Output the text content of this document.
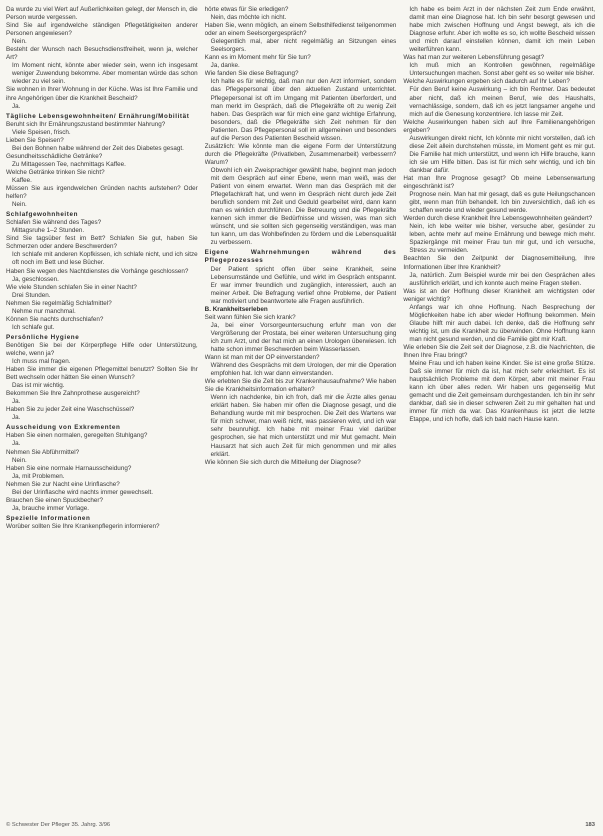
Da wurde zu viel Wert auf Äußerlichkeiten gelegt, der Mensch in, die Person wurde vergessen.

Sind Sie auf irgendwelche ständigen Pflegetätigkeiten anderer Personen angewiesen?

Nein.

Besteht der Wunsch nach Besuchsdienstfreiheit, wenn ja, welcher Art?

Im Moment nicht, könnte aber wieder sein, wenn ich insgesamt weniger Zuwendung bekomme. Aber momentan würde das schon wieder zu viel sein.

Sie wohnen in Ihrer Wohnung in der Küche. Was ist Ihre Familie und ihre Angehörigen über die Krankheit Bescheid?

Ja.

Tägliche Lebensgewohnheiten/ Ernährung/Mobilität

Beruht sich Ihr Ernährungszustand bestimmter Nahrung?

Viele Speisen, frisch.

Lieben Sie Speisen?

Bei den Bohnen halbe während der Zeit des Diabetes gesagt.

Gesundheitsschädliche Getränke?

Zu Mittagessen Tee, nachmittags Kaffee.

Welche Getränke trinken Sie nicht?

Kaffee.

Müssen Sie aus irgendwelchen Gründen nachts aufstehen? Oder helfen?

Nein.

Schlafgewohnheiten

Schlafen Sie während des Tages?

Mittagsruhe 1–2 Stunden.

Sind Sie tagsüber fest im Bett? Schlafen Sie gut, haben Sie Schmerzen oder andere Beschwerden?

Ich schlafe mit anderen Kopfkissen, ich schlafe nicht, und ich sitze oft noch im Bett und lese Bücher.

Haben Sie wegen des Nachtdienstes die Vorhänge geschlossen?

Ja, geschlossen.

Wie viele Stunden schlafen Sie in einer Nacht?

Drei Stunden.

Nehmen Sie regelmäßig Schlafmittel?

Nehme nur manchmal.

Können Sie nachts durchschlafen?

Ich schlafe gut.

Persönliche Hygiene

Benötigen Sie bei der Körperpflege Hilfe oder Unterstützung, welche, wenn ja?

Ich muss mal fragen.

Haben Sie immer die eigenen Pflegemittel benutzt? Sollten Sie Ihr Bett wechseln oder hätten Sie einen Wunsch?

Das ist mir wichtig.

Bekommen Sie Ihre Zahnprothese ausgereicht?

Ja.

Haben Sie zu jeder Zeit eine Waschschüssel?

Ja.

Ausscheidung von Exkrementen

Haben Sie einen normalen, geregelten Stuhlgang?

Ja.

Nehmen Sie Abführmittel?

Nein.

Haben Sie eine normale Harnausscheidung?

Ja, mit Problemen.

Nehmen Sie zur Nacht eine Urinflasche?

Bei der Urinflasche wird nachts immer gewechselt.

Brauchen Sie einen Spuckbecher?

Ja, brauche immer Vorlage.

Spezielle Informationen

Worüber sollten Sie Ihre Krankenpflegerin informieren?

hörte etwas für Sie erledigen?

Nein, das möchte ich nicht.

Haben Sie, wenn möglich, an einem Selbsthilfedienst teilgenommen oder an einem Seelsorgergespräch?

Gelegentlich mal, aber nicht regelmäßig an Sitzungen eines Seelsorgers.

Kann es im Moment mehr für Sie tun?

Ja, danke.

Wie fanden Sie diese Befragung?

Ich halte es für wichtig, daß man nur den Arzt informiert, sondern das Pflegepersonal über den aktuellen Zustand unterrichtet. Pflegepersonal ist oft im Umgang mit Patienten überfordert, und man merkt im Gespräch, daß die Pflegekräfte oft zu wenig Zeit haben. Das Gespräch war für mich eine ganz wichtige Erfahrung, besonders, daß die Pflegekräfte sich Zeit nehmen für den Patienten. Das Pflegepersonal soll im allgemeinen und besonders auf die Person des Patienten Bescheid wissen.

Zusätzlich: Wie könnte man die eigene Form der Unterstützung durch die Pflegekräfte (Privatleben, Zusammenarbeit) verbessern? Warum?

Obwohl ich ein Zweisprachiger gewählt habe, beginnt man jedoch mit dem Gespräch auf einer Ebene, wenn man weiß, was der Patient von einem erwartet. Wenn man das Gespräch mit der Pflegefachkraft hat, und wenn im Gespräch nicht durch jede Zeit beruflich sondern mit Zeit und Geduld gearbeitet wird, dann kann man es wirklich durchführen. Die Betreuung und die Pflegekräfte kennen sich immer die Bedürfnisse und wissen, was man sich wünscht, und sie sollten sich gegenseitig verständigen, was man tun kann, um das Wohlbefinden zu fördern und die Lebensqualität zu verbessern.

Eigene Wahrnehmungen während des Pflegeprozesses

Der Patient spricht offen über seine Krankheit, seine Lebensumstände und Gefühle, und wirkt im Gespräch entspannt. Er war immer freundlich und zugänglich, interessiert, auch an meiner Arbeit. Die Befragung verlief ohne Probleme, der Patient war motiviert und beantwortete alle Fragen ausführlich.

B. Krankheitserleben

Seit wann fühlen Sie sich krank?

Ja, bei einer Vorsorgeuntersuchung erfuhr man von der Vergrößerung der Prostata, bei einer weiteren Untersuchung ging ich zum Arzt, und der hat mich an einen Urologen überwiesen. Ich hatte schon immer Beschwerden beim Wasserlassen.

Wann ist man mit der OP einverstanden?

Während des Gesprächs mit dem Urologen, der mir die Operation empfohlen hat. Ich war dann einverstanden.

Wie erlebten Sie die Zeit bis zur Krankenhausaufnahme? Wie haben Sie die Krankheitsinformation erhalten?

Wenn ich nachdenke, bin ich froh, daß mir die Ärzte alles genau erklärt haben. Sie haben mir offen die Diagnose gesagt, und die Behandlung wurde mit mir besprochen. Die Zeit des Wartens war für mich schwer, man weiß nicht, was passieren wird, und ich war sehr beunruhigt. Ich habe mit meiner Frau viel darüber gesprochen, sie hat mich unterstützt und mir Mut gemacht. Mein Hausarzt hat sich auch Zeit für mich genommen und mir alles erklärt.

Wie können Sie sich durch die Mitteilung der Diagnose?

Ich habe es beim Arzt in der nächsten Zeit zum Ende erwähnt, damit man eine Diagnose hat. Ich bin sehr besorgt gewesen und habe mich zwischen Hoffnung und Angst bewegt, als ich die Diagnose erfuhr. Aber ich wollte es so, ich wollte Bescheid wissen und mich darauf einstellen können, damit ich mein Leben weiterführen kann.

Was hat man zur weiteren Lebensführung gesagt?

Ich muß mich an Kontrollen gewöhnen, regelmäßige Untersuchungen machen. Sonst aber geht es so weiter wie bisher.

Welche Auswirkungen ergeben sich dadurch auf Ihr Leben?

Für den Beruf keine Auswirkung – ich bin Rentner. Das bedeutet aber nicht, daß ich meinen Beruf, wie des Haushalts, vernachlässige, sondern, daß ich es jetzt langsamer angehe und mich auf die Genesung konzentriere. Ich lasse mir Zeit.

Welche Auswirkungen haben sich auf Ihre Familienangehörigen ergeben?

Auswirkungen direkt nicht, Ich könnte mir nicht vorstellen, daß ich diese Zeit allein durchstehen müsste, im Moment geht es mir gut. Die Familie hat mich unterstützt, und wenn ich Hilfe brauche, kann ich sie um Hilfe bitten. Das ist für mich sehr wichtig, und ich bin dankbar dafür.

Hat man Ihre Prognose gesagt? Ob meine Lebenserwartung eingeschränkt ist?

Prognose nein. Man hat mir gesagt, daß es gute Heilungschancen gibt, wenn man früh behandelt. Ich bin zuversichtlich, daß ich es schaffen werde und wieder gesund werde.

Werden durch diese Krankheit Ihre Lebensgewohnheiten geändert?

Nein, ich lebe weiter wie bisher, versuche aber, gesünder zu leben, achte mehr auf meine Ernährung und bewege mich mehr. Spaziergänge mit meiner Frau tun mir gut, und ich versuche, Stress zu vermeiden.

Beachten Sie den Zeitpunkt der Diagnosemitteilung, Ihre Informationen über Ihre Krankheit?

Ja, natürlich. Zum Beispiel wurde mir bei den Gesprächen alles ausführlich erklärt, und ich konnte auch meine Fragen stellen.

Was ist an der Hoffnung dieser Krankheit am wichtigsten oder weniger wichtig?

Anfangs war ich ohne Hoffnung. Nach Besprechung der Möglichkeiten habe ich aber wieder Hoffnung bekommen. Mein Glaube hilft mir auch dabei. Ich denke, daß die Hoffnung sehr wichtig ist, um die Krankheit zu überwinden. Ohne Hoffnung kann man nicht gesund werden, und die Familie gibt mir Kraft.

Wie erleben Sie die Zeit seit der Diagnose, z.B. die Nachrichten, die Ihnen Ihre Frau bringt?

Meine Frau und ich haben keine Kinder. Sie ist eine große Stütze. Daß sie immer für mich da ist, hat mich sehr erleichtert. Es ist hauptsächlich Probleme mit dem Körper, aber mit meiner Frau kann ich über alles reden. Wir haben uns gegenseitig Mut gemacht und die Zeit gemeinsam durchgestanden. Ich bin ihr sehr dankbar, daß sie in dieser schweren Zeit zu mir gehalten hat und immer für mich da war. Das Krankenhaus ist jetzt die letzte Etappe, und ich hoffe, daß ich bald nach Hause kann.

© Schwester Der Pfleger 35. Jahrg. 3/96	183
